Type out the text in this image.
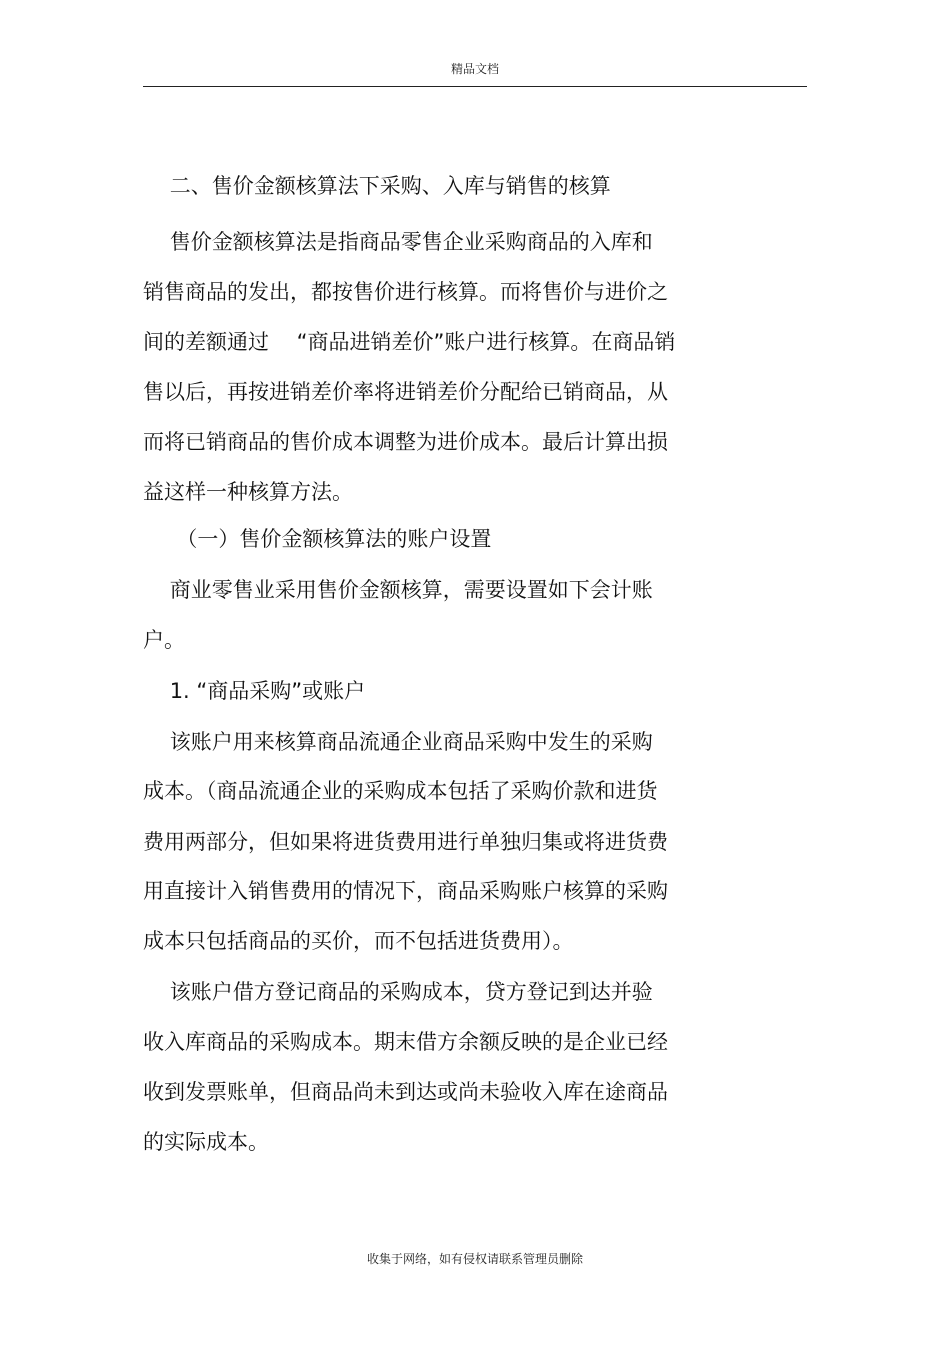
精品文档
二、售价金额核算法下采购、入库与销售的核算
售价金额核算法是指商品零售企业采购商品的入库和
销售商品的发出，都按售价进行核算。而将售价与进价之
间的差额通过　 “商品进销差价”账户进行核算。在商品销
售以后，再按进销差价率将进销差价分配给已销商品，从
而将已销商品的售价成本调整为进价成本。最后计算出损
益这样一种核算方法。
（一）售价金额核算法的账户设置
商业零售业采用售价金额核算，需要设置如下会计账
户。
1. “商品采购”或账户
该账户用来核算商品流通企业商品采购中发生的采购
成本。（商品流通企业的采购成本包括了采购价款和进货
费用两部分，但如果将进货费用进行单独归集或将进货费
用直接计入销售费用的情况下，商品采购账户核算的采购
成本只包括商品的买价，而不包括进货费用）。
该账户借方登记商品的采购成本，贷方登记到达并验
收入库商品的采购成本。期末借方余额反映的是企业已经
收到发票账单，但商品尚未到达或尚未验收入库在途商品
的实际成本。
收集于网络，如有侵权请联系管理员删除
